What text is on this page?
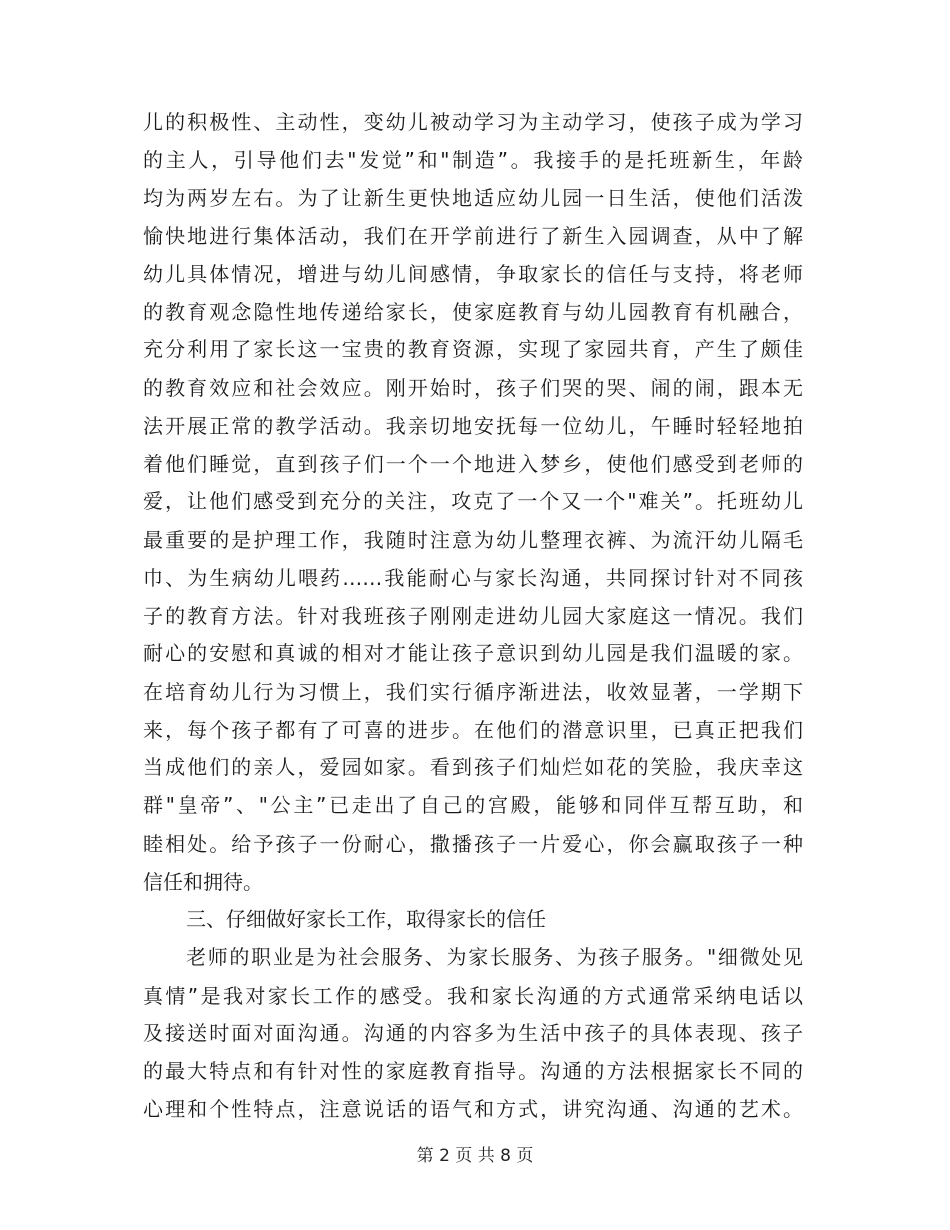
儿的积极性、主动性，变幼儿被动学习为主动学习，使孩子成为学习
的主人，引导他们去"发觉”和"制造”。我接手的是托班新生，年龄
均为两岁左右。为了让新生更快地适应幼儿园一日生活，使他们活泼
愉快地进行集体活动，我们在开学前进行了新生入园调查，从中了解
幼儿具体情况，增进与幼儿间感情，争取家长的信任与支持，将老师
的教育观念隐性地传递给家长，使家庭教育与幼儿园教育有机融合，
充分利用了家长这一宝贵的教育资源，实现了家园共育，产生了颇佳
的教育效应和社会效应。刚开始时，孩子们哭的哭、闹的闹，跟本无
法开展正常的教学活动。我亲切地安抚每一位幼儿，午睡时轻轻地拍
着他们睡觉，直到孩子们一个一个地进入梦乡，使他们感受到老师的
爱，让他们感受到充分的关注，攻克了一个又一个"难关”。托班幼儿
最重要的是护理工作，我随时注意为幼儿整理衣裤、为流汗幼儿隔毛
巾、为生病幼儿喂药……我能耐心与家长沟通，共同探讨针对不同孩
子的教育方法。针对我班孩子刚刚走进幼儿园大家庭这一情况。我们
耐心的安慰和真诚的相对才能让孩子意识到幼儿园是我们温暖的家。
在培育幼儿行为习惯上，我们实行循序渐进法，收效显著，一学期下
来，每个孩子都有了可喜的进步。在他们的潜意识里，已真正把我们
当成他们的亲人，爱园如家。看到孩子们灿烂如花的笑脸，我庆幸这
群"皇帝”、"公主”已走出了自己的宫殿，能够和同伴互帮互助，和
睦相处。给予孩子一份耐心，撒播孩子一片爱心，你会赢取孩子一种
信任和拥待。
三、仔细做好家长工作，取得家长的信任
老师的职业是为社会服务、为家长服务、为孩子服务。"细微处见
真情”是我对家长工作的感受。我和家长沟通的方式通常采纳电话以
及接送时面对面沟通。沟通的内容多为生活中孩子的具体表现、孩子
的最大特点和有针对性的家庭教育指导。沟通的方法根据家长不同的
心理和个性特点，注意说话的语气和方式，讲究沟通、沟通的艺术。
第 2 页 共 8 页
